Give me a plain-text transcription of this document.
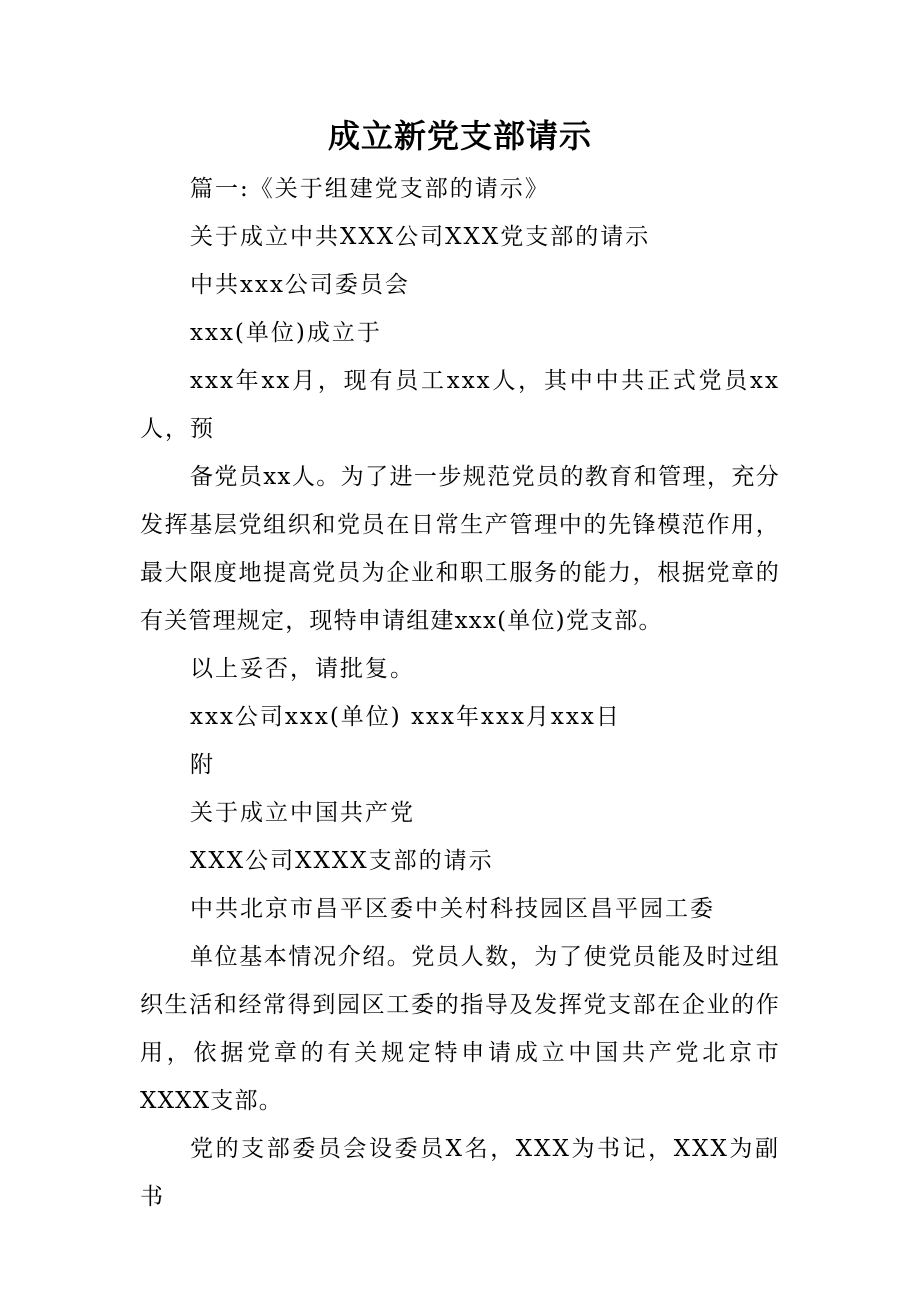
成立新党支部请示

篇一:《关于组建党支部的请示》

关于成立中共XXX公司XXX党支部的请示

中共xxx公司委员会

xxx(单位)成立于

xxx年xx月，现有员工xxx人，其中中共正式党员xx人，预

备党员xx人。为了进一步规范党员的教育和管理，充分发挥基层党组织和党员在日常生产管理中的先锋模范作用，最大限度地提高党员为企业和职工服务的能力，根据党章的有关管理规定，现特申请组建xxx(单位)党支部。

以上妥否，请批复。

xxx公司xxx(单位) xxx年xxx月xxx日

附

关于成立中国共产党

XXX公司XXXX支部的请示

中共北京市昌平区委中关村科技园区昌平园工委

单位基本情况介绍。党员人数，为了使党员能及时过组织生活和经常得到园区工委的指导及发挥党支部在企业的作用，依据党章的有关规定特申请成立中国共产党北京市XXXX支部。

党的支部委员会设委员X名，XXX为书记，XXX为副书
